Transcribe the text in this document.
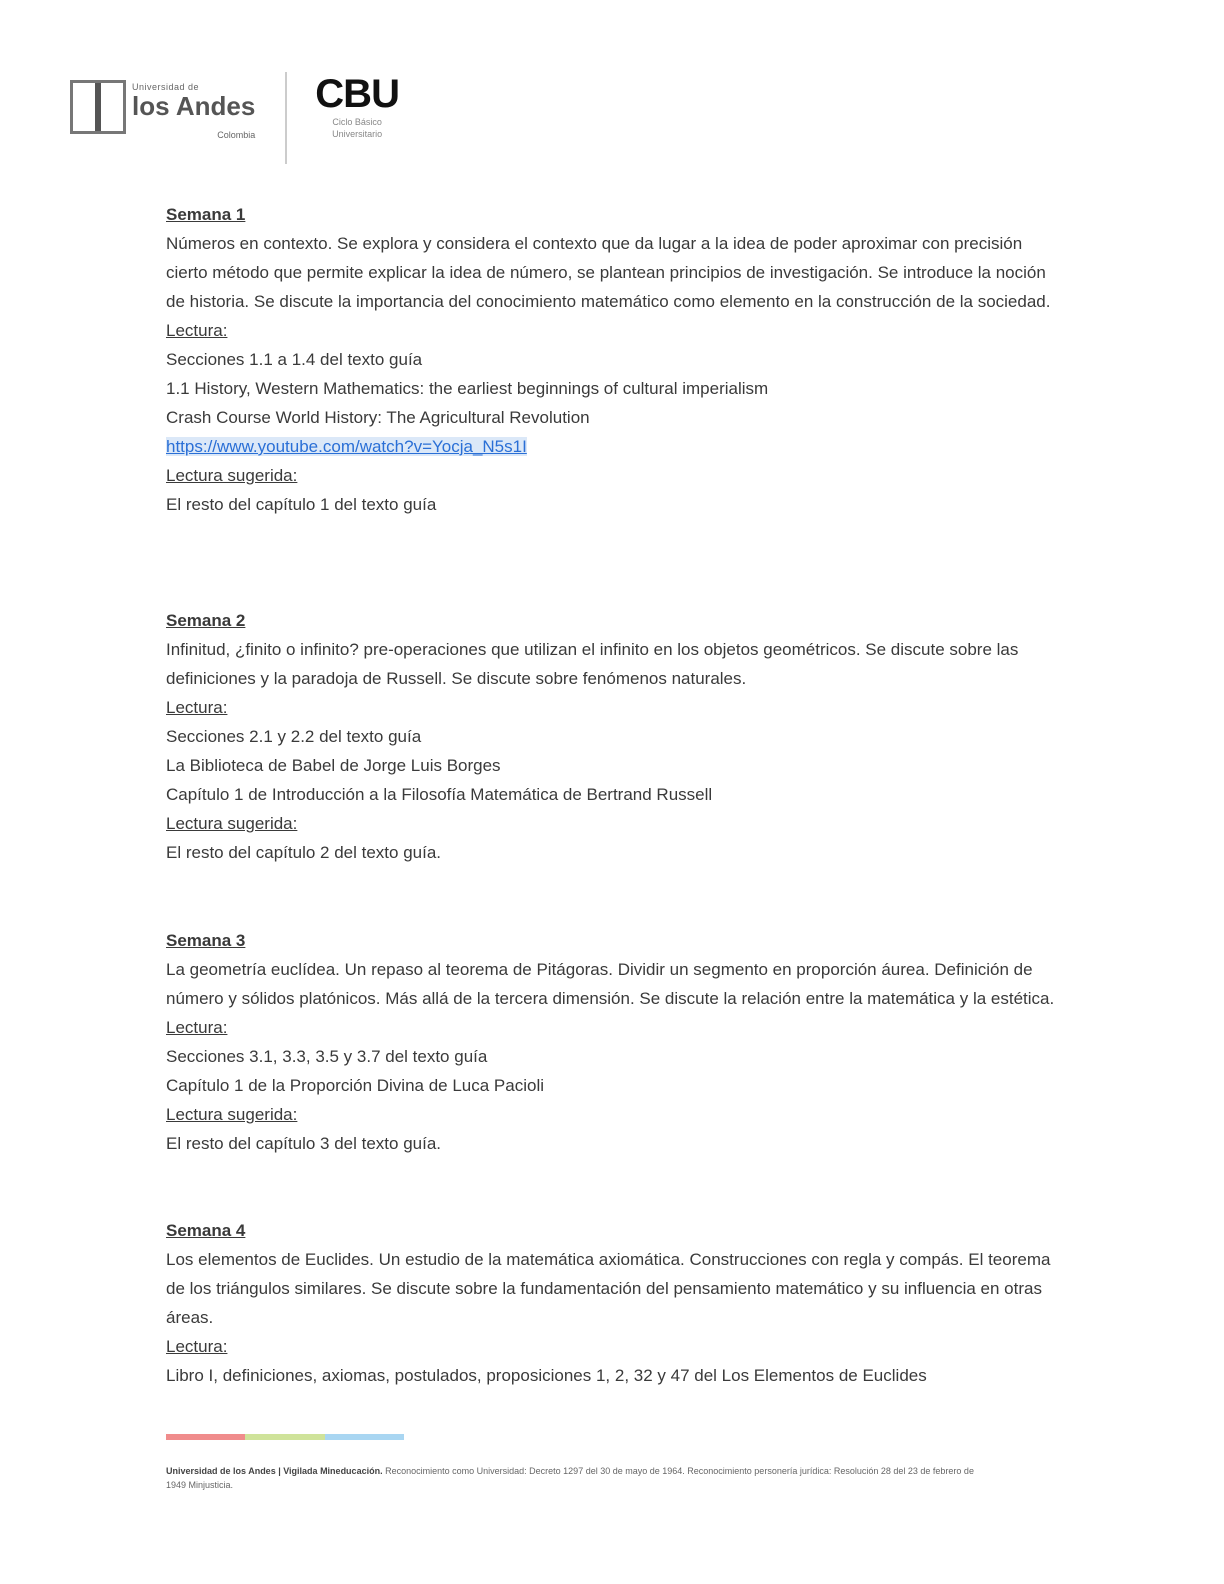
Universidad de
los Andes
Colombia
CBU
Ciclo Básico
Universitario
Semana 1
Números en contexto. Se explora y considera el contexto que da lugar a la idea de poder aproximar con precisión cierto método que permite explicar la idea de número, se plantean principios de investigación. Se introduce la noción de historia. Se discute la importancia del conocimiento matemático como elemento en la construcción de la sociedad.
Lectura:
Secciones 1.1 a 1.4 del texto guía
1.1 History, Western Mathematics: the earliest beginnings of cultural imperialism
Crash Course World History: The Agricultural Revolution
https://www.youtube.com/watch?v=Yocja_N5s1I
Lectura sugerida:
El resto del capítulo 1 del texto guía
Semana 2
Infinitud, ¿finito o infinito? pre-operaciones que utilizan el infinito en los objetos geométricos. Se discute sobre las definiciones y la paradoja de Russell. Se discute sobre fenómenos naturales.
Lectura:
Secciones 2.1 y 2.2 del texto guía
La Biblioteca de Babel de Jorge Luis Borges
Capítulo 1 de Introducción a la Filosofía Matemática de Bertrand Russell
Lectura sugerida:
El resto del capítulo 2 del texto guía.
Semana 3
La geometría euclídea. Un repaso al teorema de Pitágoras. Dividir un segmento en proporción áurea. Definición de número y sólidos platónicos. Más allá de la tercera dimensión. Se discute la relación entre la matemática y la estética.
Lectura:
Secciones 3.1, 3.3, 3.5 y 3.7 del texto guía
Capítulo 1 de la Proporción Divina de Luca Pacioli
Lectura sugerida:
El resto del capítulo 3 del texto guía.
Semana 4
Los elementos de Euclides. Un estudio de la matemática axiomática. Construcciones con regla y compás. El teorema de los triángulos similares. Se discute sobre la fundamentación del pensamiento matemático y su influencia en otras áreas.
Lectura:
Libro I, definiciones, axiomas, postulados, proposiciones 1, 2, 32 y 47 del Los Elementos de Euclides
Universidad de los Andes | Vigilada Mineducación. Reconocimiento como Universidad: Decreto 1297 del 30 de mayo de 1964. Reconocimiento personería jurídica: Resolución 28 del 23 de febrero de 1949 Minjusticia.
